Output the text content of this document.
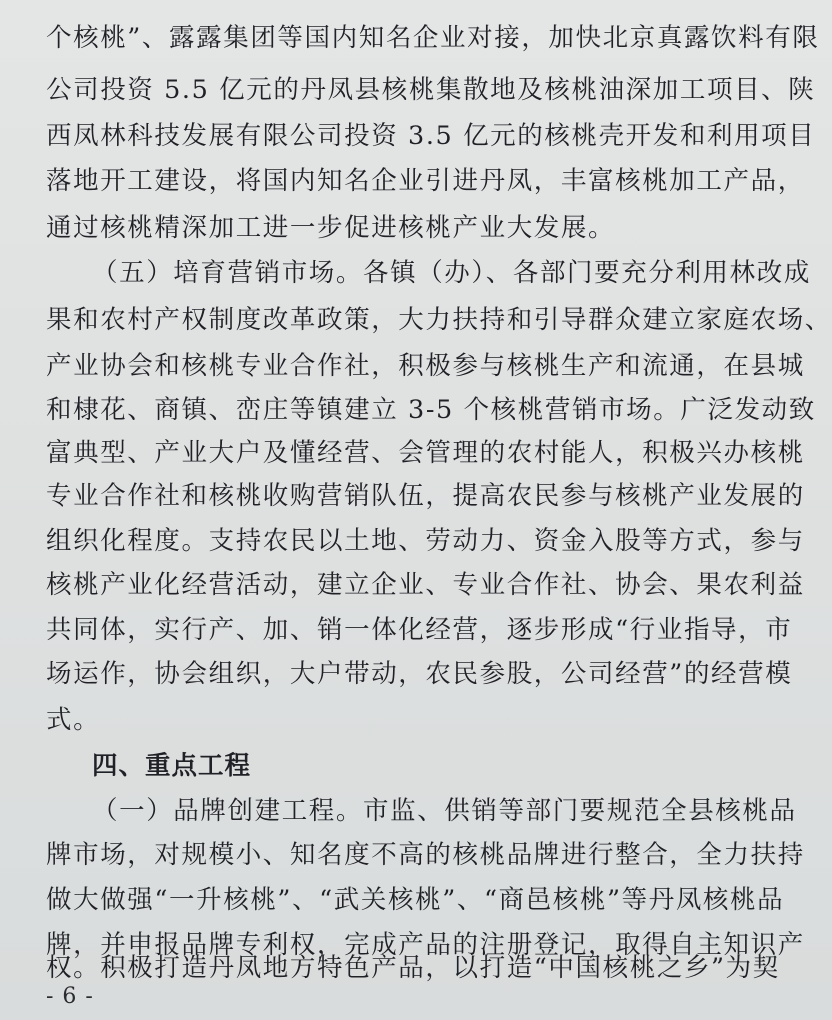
个核桃”、露露集团等国内知名企业对接，加快北京真露饮料有限
公司投资 5.5 亿元的丹凤县核桃集散地及核桃油深加工项目、陕
西凤林科技发展有限公司投资 3.5 亿元的核桃壳开发和利用项目
落地开工建设，将国内知名企业引进丹凤，丰富核桃加工产品，
通过核桃精深加工进一步促进核桃产业大发展。
（五）培育营销市场。各镇（办）、各部门要充分利用林改成
果和农村产权制度改革政策，大力扶持和引导群众建立家庭农场、
产业协会和核桃专业合作社，积极参与核桃生产和流通，在县城
和棣花、商镇、峦庄等镇建立 3-5 个核桃营销市场。广泛发动致
富典型、产业大户及懂经营、会管理的农村能人，积极兴办核桃
专业合作社和核桃收购营销队伍，提高农民参与核桃产业发展的
组织化程度。支持农民以土地、劳动力、资金入股等方式，参与
核桃产业化经营活动，建立企业、专业合作社、协会、果农利益
共同体，实行产、加、销一体化经营，逐步形成“行业指导，市
场运作，协会组织，大户带动，农民参股，公司经营”的经营模
式。
四、重点工程
（一）品牌创建工程。市监、供销等部门要规范全县核桃品
牌市场，对规模小、知名度不高的核桃品牌进行整合，全力扶持
做大做强“一升核桃”、“武关核桃”、“商邑核桃”等丹凤核桃品
牌，并申报品牌专利权，完成产品的注册登记，取得自主知识产
权。积极打造丹凤地方特色产品，以打造“中国核桃之乡”为契
- 6 -
